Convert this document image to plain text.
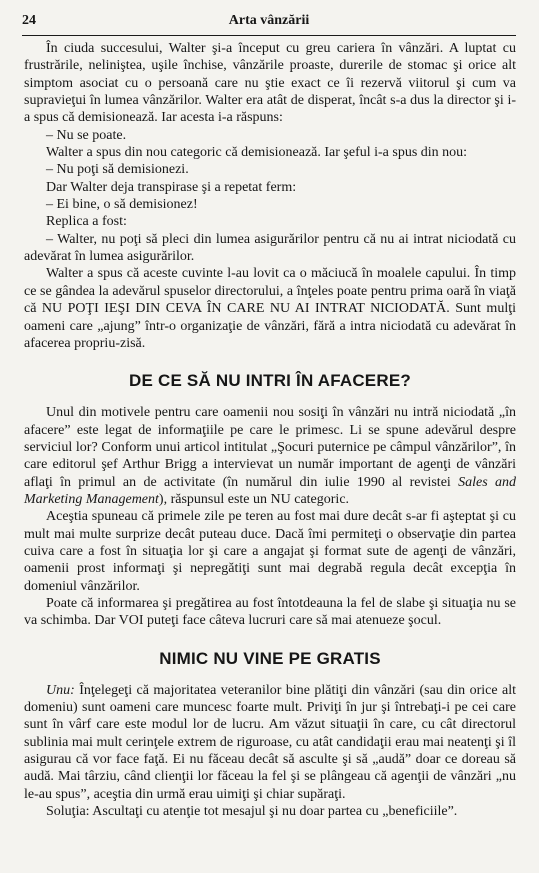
24	Arta vânzării

În ciuda succesului, Walter şi-a început cu greu cariera în vânzări. A luptat cu frustrările, neliniştea, uşile închise, vânzările proaste, durerile de stomac şi orice alt simptom asociat cu o persoană care nu ştie exact ce îi rezervă viitorul şi cum va supravieţui în lumea vânzărilor. Walter era atât de disperat, încât s-a dus la director şi i-a spus că demisionează. Iar acesta i-a răspuns:

– Nu se poate.

Walter a spus din nou categoric că demisionează. Iar şeful i-a spus din nou:

– Nu poţi să demisionezi.

Dar Walter deja transpirase şi a repetat ferm:

– Ei bine, o să demisionez!

Replica a fost:

– Walter, nu poţi să pleci din lumea asigurărilor pentru că nu ai intrat niciodată cu adevărat în lumea asigurărilor.

Walter a spus că aceste cuvinte l-au lovit ca o măciucă în moalele capului. În timp ce se gândea la adevărul spuselor directorului, a înţeles poate pentru prima oară în viaţă că NU POŢI IEŞI DIN CEVA ÎN CARE NU AI INTRAT NICIODATĂ. Sunt mulţi oameni care „ajung” într-o organizaţie de vânzări, fără a intra niciodată cu adevărat în afacerea propriu-zisă.

DE CE SĂ NU INTRI ÎN AFACERE?

Unul din motivele pentru care oamenii nou sosiţi în vânzări nu intră niciodată „în afacere” este legat de informaţiile pe care le primesc. Li se spune adevărul despre serviciul lor? Conform unui articol intitulat „Şocuri puternice pe câmpul vânzărilor”, în care editorul şef Arthur Brigg a intervievat un număr important de agenţi de vânzări aflaţi în primul an de activitate (în numărul din iulie 1990 al revistei Sales and Marketing Management), răspunsul este un NU categoric.

Aceştia spuneau că primele zile pe teren au fost mai dure decât s-ar fi aşteptat şi cu mult mai multe surprize decât puteau duce. Dacă îmi permiteţi o observaţie din partea cuiva care a fost în situaţia lor şi care a angajat şi format sute de agenţi de vânzări, oamenii prost informaţi şi nepregătiţi sunt mai degrabă regula decât excepţia în domeniul vânzărilor.

Poate că informarea şi pregătirea au fost întotdeauna la fel de slabe şi situaţia nu se va schimba. Dar VOI puteţi face câteva lucruri care să mai atenueze şocul.

NIMIC NU VINE PE GRATIS

Unu: Înţelegeţi că majoritatea veteranilor bine plătiţi din vânzări (sau din orice alt domeniu) sunt oameni care muncesc foarte mult. Priviţi în jur şi întrebaţi-i pe cei care sunt în vârf care este modul lor de lucru. Am văzut situaţii în care, cu cât directorul sublinia mai mult cerinţele extrem de riguroase, cu atât candidaţii erau mai neatenţi şi îl asigurau că vor face faţă. Ei nu făceau decât să asculte şi să „audă” doar ce doreau să audă. Mai târziu, când clienţii lor făceau la fel şi se plângeau că agenţii de vânzări „nu le-au spus”, aceştia din urmă erau uimiţi şi chiar supăraţi.

Soluţia: Ascultaţi cu atenţie tot mesajul şi nu doar partea cu „beneficiile”.
